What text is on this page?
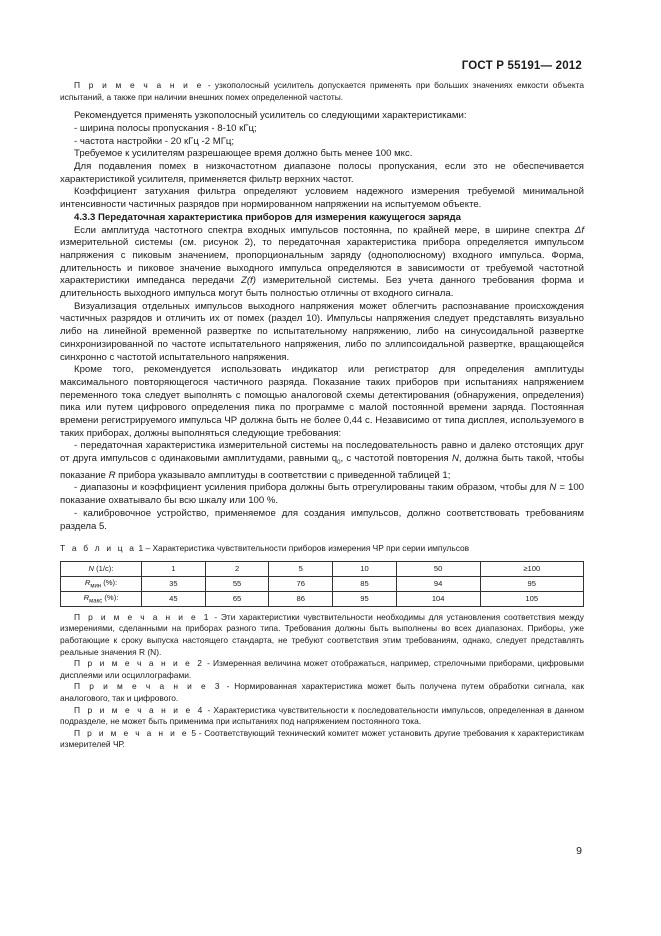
ГОСТ Р 55191— 2012

П р и м е ч а н и е - узкополосный усилитель допускается применять при больших значениях емкости объекта испытаний, а также при наличии внешних помех определенной частоты.

Рекомендуется применять узкополосный усилитель со следующими характеристиками:

- ширина полосы пропускания - 8-10 кГц;

- частота настройки - 20 кГц -2 МГц;

Требуемое к усилителям разрешающее время должно быть менее 100 мкс.

Для подавления помех в низкочастотном диапазоне полосы пропускания, если это не обеспечивается характеристикой усилителя, применяется фильтр верхних частот.

Коэффициент затухания фильтра определяют условием надежного измерения требуемой минимальной интенсивности частичных разрядов при нормированном напряжении на испытуемом объекте.

4.3.3 Передаточная характеристика приборов для измерения кажущегося заряда

Если амплитуда частотного спектра входных импульсов постоянна, по крайней мере, в ширине спектра Δf измерительной системы (см. рисунок 2), то передаточная характеристика прибора определяется импульсом напряжения с пиковым значением, пропорциональным заряду (однополюсному) входного импульса. Форма, длительность и пиковое значение выходного импульса определяются в зависимости от требуемой частотной характеристики импеданса передачи Z(f) измерительной системы. Без учета данного требования форма и длительность выходного импульса могут быть полностью отличны от входного сигнала.

Визуализация отдельных импульсов выходного напряжения может облегчить распознавание происхождения частичных разрядов и отличить их от помех (раздел 10). Импульсы напряжения следует представлять визуально либо на линейной временной развертке по испытательному напряжению, либо на синусоидальной развертке синхронизированной по частоте испытательного напряжения, либо по эллипсоидальной развертке, вращающейся синхронно с частотой испытательного напряжения.

Кроме того, рекомендуется использовать индикатор или регистратор для определения амплитуды максимального повторяющегося частичного разряда. Показание таких приборов при испытаниях напряжением переменного тока следует выполнять с помощью аналоговой схемы детектирования (обнаружения, определения) пика или путем цифрового определения пика по программе с малой постоянной времени заряда. Постоянная времени регистрируемого импульса ЧР должна быть не более 0,44 с. Независимо от типа дисплея, используемого в таких приборах, должны выполняться следующие требования:

- передаточная характеристика измерительной системы на последовательность равно и далеко отстоящих друг от друга импульсов с одинаковыми амплитудами, равными $q_0$, с частотой повторения N, должна быть такой, чтобы показание R прибора указывало амплитуды в соответствии с приведенной таблицей 1;

- диапазоны и коэффициент усиления прибора должны быть отрегулированы таким образом, чтобы для N = 100 показание охватывало бы всю шкалу или 100 %.

- калибровочное устройство, применяемое для создания импульсов, должно соответствовать требованиям раздела 5.

Т а б л и ц а 1 – Характеристика чувствительности приборов измерения ЧР при серии импульсов

N (1/с):	1	2	5	10	50	≥100
$R_{мин}$ (%):	35	55	76	85	94	95
$R_{макс}$ (%):	45	65	86	95	104	105

П р и м е ч а н и е 1 - Эти характеристики чувствительности необходимы для установления соответствия между измерениями, сделанными на приборах разного типа. Требования должны быть выполнены во всех диапазонах. Приборы, уже работающие к сроку выпуска настоящего стандарта, не требуют соответствия этим требованиям, однако, следует представлять реальные значения R (N).

П р и м е ч а н и е 2 - Измеренная величина может отображаться, например, стрелочными приборами, цифровыми дисплеями или осциллографами.

П р и м е ч а н и е 3 - Нормированная характеристика может быть получена путем обработки сигнала, как аналогового, так и цифрового.

П р и м е ч а н и е 4 - Характеристика чувствительности к последовательности импульсов, определенная в данном подразделе, не может быть применима при испытаниях под напряжением постоянного тока.

П р и м е ч а н и е 5 - Соответствующий технический комитет может установить другие требования к характеристикам измерителей ЧР.

9
